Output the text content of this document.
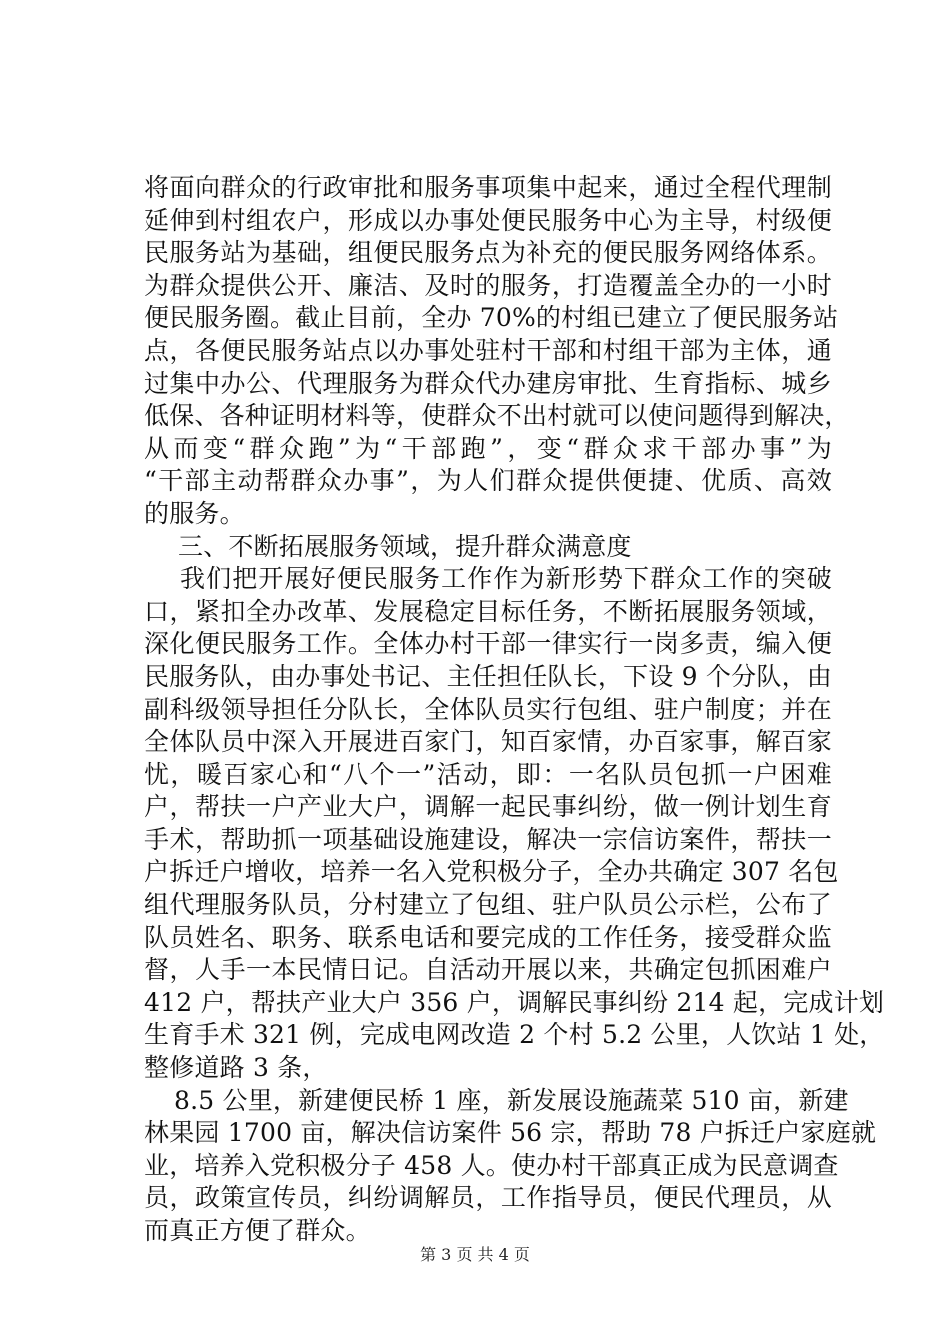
将面向群众的行政审批和服务事项集中起来，通过全程代理制
延伸到村组农户，形成以办事处便民服务中心为主导，村级便
民服务站为基础，组便民服务点为补充的便民服务网络体系。
为群众提供公开、廉洁、及时的服务，打造覆盖全办的一小时
便民服务圈。截止目前，全办 70%的村组已建立了便民服务站
点，各便民服务站点以办事处驻村干部和村组干部为主体，通
过集中办公、代理服务为群众代办建房审批、生育指标、城乡
低保、各种证明材料等，使群众不出村就可以使问题得到解决，
从而变“群众跑”为“干部跑”，变“群众求干部办事”为
“干部主动帮群众办事”，为人们群众提供便捷、优质、高效
的服务。
三、不断拓展服务领域，提升群众满意度
我们把开展好便民服务工作作为新形势下群众工作的突破
口，紧扣全办改革、发展稳定目标任务，不断拓展服务领域，
深化便民服务工作。全体办村干部一律实行一岗多责，编入便
民服务队，由办事处书记、主任担任队长，下设 9 个分队，由
副科级领导担任分队长，全体队员实行包组、驻户制度；并在
全体队员中深入开展进百家门，知百家情，办百家事，解百家
忧，暖百家心和“八个一”活动，即：一名队员包抓一户困难
户，帮扶一户产业大户，调解一起民事纠纷，做一例计划生育
手术，帮助抓一项基础设施建设，解决一宗信访案件，帮扶一
户拆迁户增收，培养一名入党积极分子，全办共确定 307 名包
组代理服务队员，分村建立了包组、驻户队员公示栏，公布了
队员姓名、职务、联系电话和要完成的工作任务，接受群众监
督，人手一本民情日记。自活动开展以来，共确定包抓困难户
412 户，帮扶产业大户 356 户，调解民事纠纷 214 起，完成计划
生育手术 321 例，完成电网改造 2 个村 5.2 公里，人饮站 1 处，
整修道路 3 条，
8.5 公里，新建便民桥 1 座，新发展设施蔬菜 510 亩，新建
林果园 1700 亩，解决信访案件 56 宗，帮助 78 户拆迁户家庭就
业，培养入党积极分子 458 人。使办村干部真正成为民意调查
员，政策宣传员，纠纷调解员，工作指导员，便民代理员，从
而真正方便了群众。
第 3 页 共 4 页
